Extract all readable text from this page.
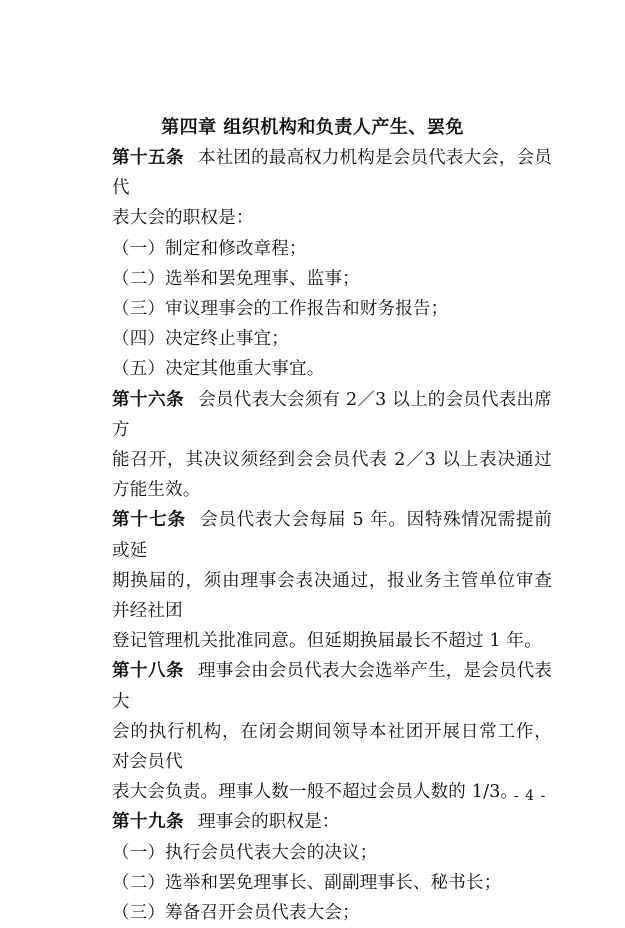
第四章 组织机构和负责人产生、罢免
第十五条 本社团的最高权力机构是会员代表大会，会员代
表大会的职权是：
（一）制定和修改章程；
（二）选举和罢免理事、监事；
（三）审议理事会的工作报告和财务报告；
（四）决定终止事宜；
（五）决定其他重大事宜。
第十六条 会员代表大会须有 2／3 以上的会员代表出席方
能召开，其决议须经到会会员代表 2／3 以上表决通过方能生效。
第十七条 会员代表大会每届 5 年。因特殊情况需提前或延
期换届的，须由理事会表决通过，报业务主管单位审查并经社团
登记管理机关批准同意。但延期换届最长不超过 1 年。
第十八条 理事会由会员代表大会选举产生，是会员代表大
会的执行机构，在闭会期间领导本社团开展日常工作，对会员代
表大会负责。理事人数一般不超过会员人数的 1/3。
第十九条 理事会的职权是：
（一）执行会员代表大会的决议；
（二）选举和罢免理事长、副副理事长、秘书长；
（三）筹备召开会员代表大会；
- 4 -
